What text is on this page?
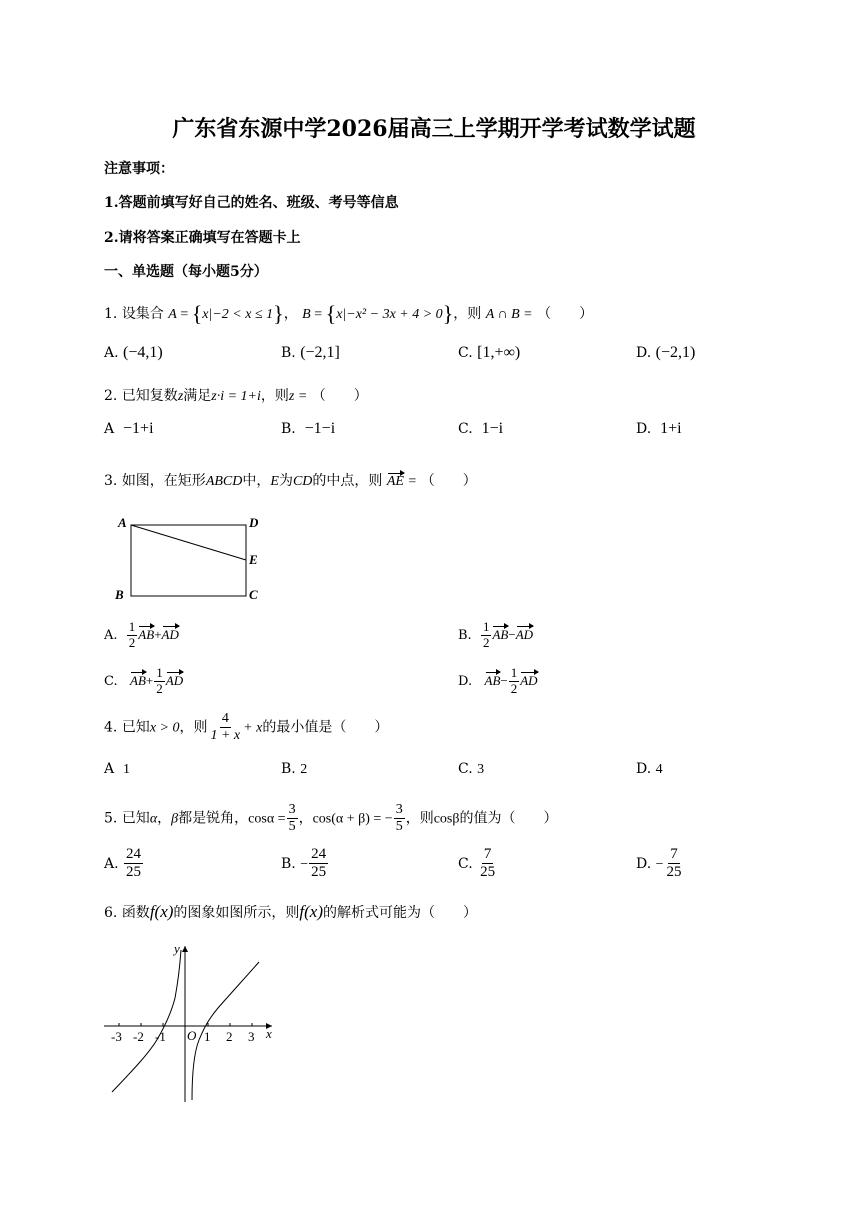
广东省东源中学2026届高三上学期开学考试数学试题
注意事项：
1.答题前填写好自己的姓名、班级、考号等信息
2.请将答案正确填写在答题卡上
一、单选题（每小题5分）
1. 设集合 A = {x|−2 < x ≤ 1}， B = {x|−x² − 3x + 4 > 0}，则 A ∩ B = （　　）
A. (−4,1)	B. (−2,1]	C. [1,+∞)	D. (−2,1)
2. 已知复数z满足z·i = 1+i，则z = （　　）
A −1+i	B. −1−i	C. 1−i	D. 1+i
3. 如图，在矩形ABCD中，E为CD的中点，则 AE = （　　）
A	D
E
B	C
A. $\frac{1}{2} AB+AD$	B. $\frac{1}{2} AB-AD$
C. $AB+ \frac{1}{2}$ AD	D. $AB- \frac{1}{2}$ AD
4. 已知x > 0，则 $\frac{4}{1 + x} + x$的最小值是（　　）
A 1	B. 2	C. 3	D. 4
5. 已知α，β都是锐角，$\cos\alpha = \frac{3}{5}$ ，cos(α + β) = − $\frac{3}{5}$ ，则cosβ的值为（　　）
A. $\frac{24}{25}$	B. − $\frac{24}{25}$	C. $\frac{7}{25}$	D. − $\frac{7}{25}$
6. 函数f(x)的图象如图所示，则f(x)的解析式可能为（　　）
y
x
O
-3 -2 -1	1 2 3
